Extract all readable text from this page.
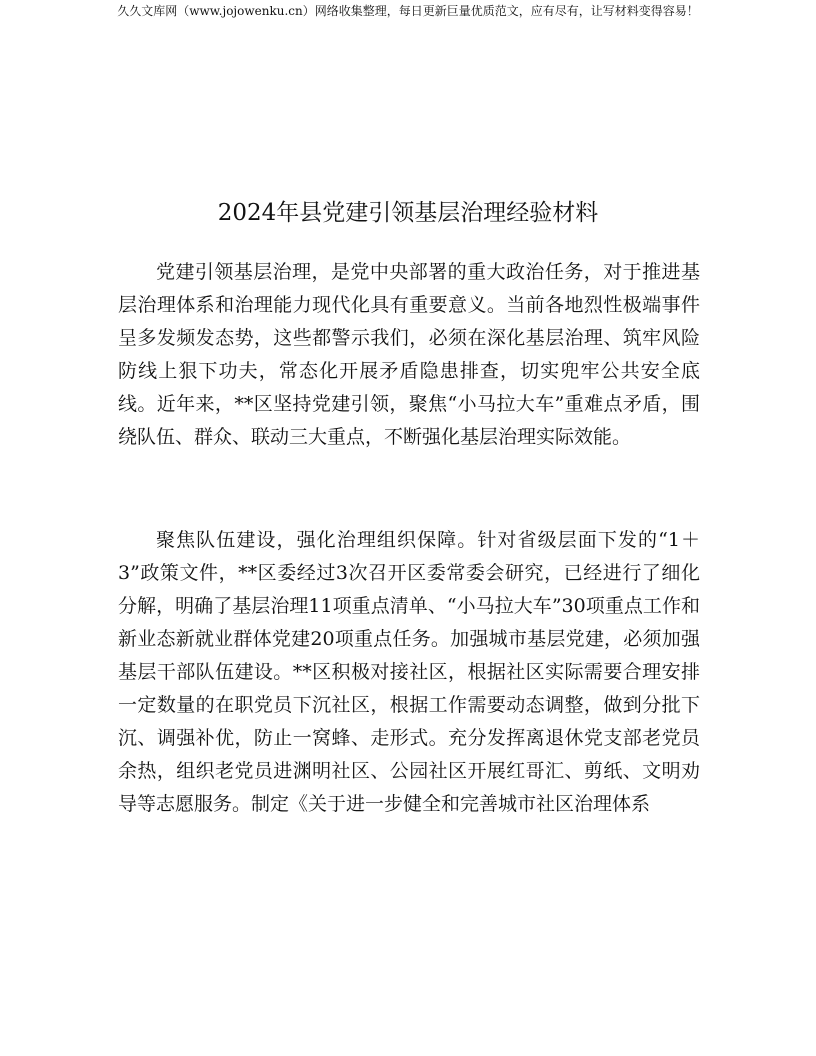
久久文库网（www.jojowenku.cn）网络收集整理，每日更新巨量优质范文，应有尽有，让写材料变得容易！
2024年县党建引领基层治理经验材料

党建引领基层治理，是党中央部署的重大政治任务，对于推进基层治理体系和治理能力现代化具有重要意义。当前各地烈性极端事件呈多发频发态势，这些都警示我们，必须在深化基层治理、筑牢风险防线上狠下功夫，常态化开展矛盾隐患排查，切实兜牢公共安全底线。近年来，**区坚持党建引领，聚焦“小马拉大车”重难点矛盾，围绕队伍、群众、联动三大重点，不断强化基层治理实际效能。

聚焦队伍建设，强化治理组织保障。针对省级层面下发的“1＋3”政策文件，**区委经过3次召开区委常委会研究，已经进行了细化分解，明确了基层治理11项重点清单、“小马拉大车”30项重点工作和新业态新就业群体党建20项重点任务。加强城市基层党建，必须加强基层干部队伍建设。**区积极对接社区，根据社区实际需要合理安排一定数量的在职党员下沉社区，根据工作需要动态调整，做到分批下沉、调强补优，防止一窝蜂、走形式。充分发挥离退休党支部老党员余热，组织老党员进渊明社区、公园社区开展红哥汇、剪纸、文明劝导等志愿服务。制定《关于进一步健全和完善城市社区治理体系
